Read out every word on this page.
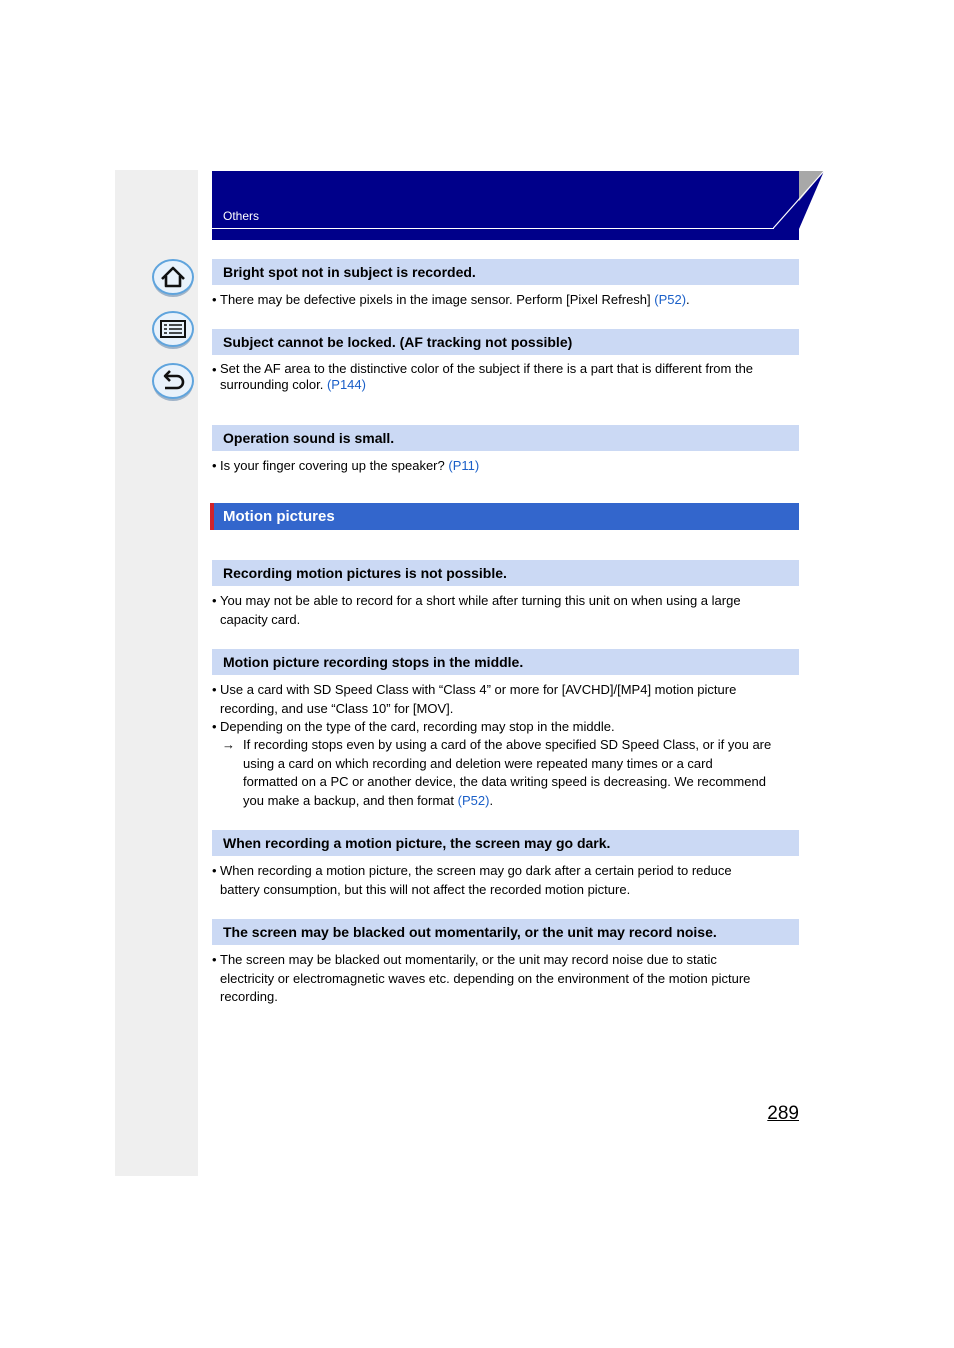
Others
Bright spot not in subject is recorded.
• There may be defective pixels in the image sensor. Perform [Pixel Refresh] (P52).
Subject cannot be locked. (AF tracking not possible)
• Set the AF area to the distinctive color of the subject if there is a part that is different from the
surrounding color. (P144)
Operation sound is small.
• Is your finger covering up the speaker? (P11)
Motion pictures
Recording motion pictures is not possible.
• You may not be able to record for a short while after turning this unit on when using a large
capacity card.
Motion picture recording stops in the middle.
• Use a card with SD Speed Class with “Class 4” or more for [AVCHD]/[MP4] motion picture
recording, and use “Class 10” for [MOV].
• Depending on the type of the card, recording may stop in the middle.
→ If recording stops even by using a card of the above specified SD Speed Class, or if you are
using a card on which recording and deletion were repeated many times or a card
formatted on a PC or another device, the data writing speed is decreasing. We recommend
you make a backup, and then format (P52).
When recording a motion picture, the screen may go dark.
• When recording a motion picture, the screen may go dark after a certain period to reduce
battery consumption, but this will not affect the recorded motion picture.
The screen may be blacked out momentarily, or the unit may record noise.
• The screen may be blacked out momentarily, or the unit may record noise due to static
electricity or electromagnetic waves etc. depending on the environment of the motion picture
recording.
289
